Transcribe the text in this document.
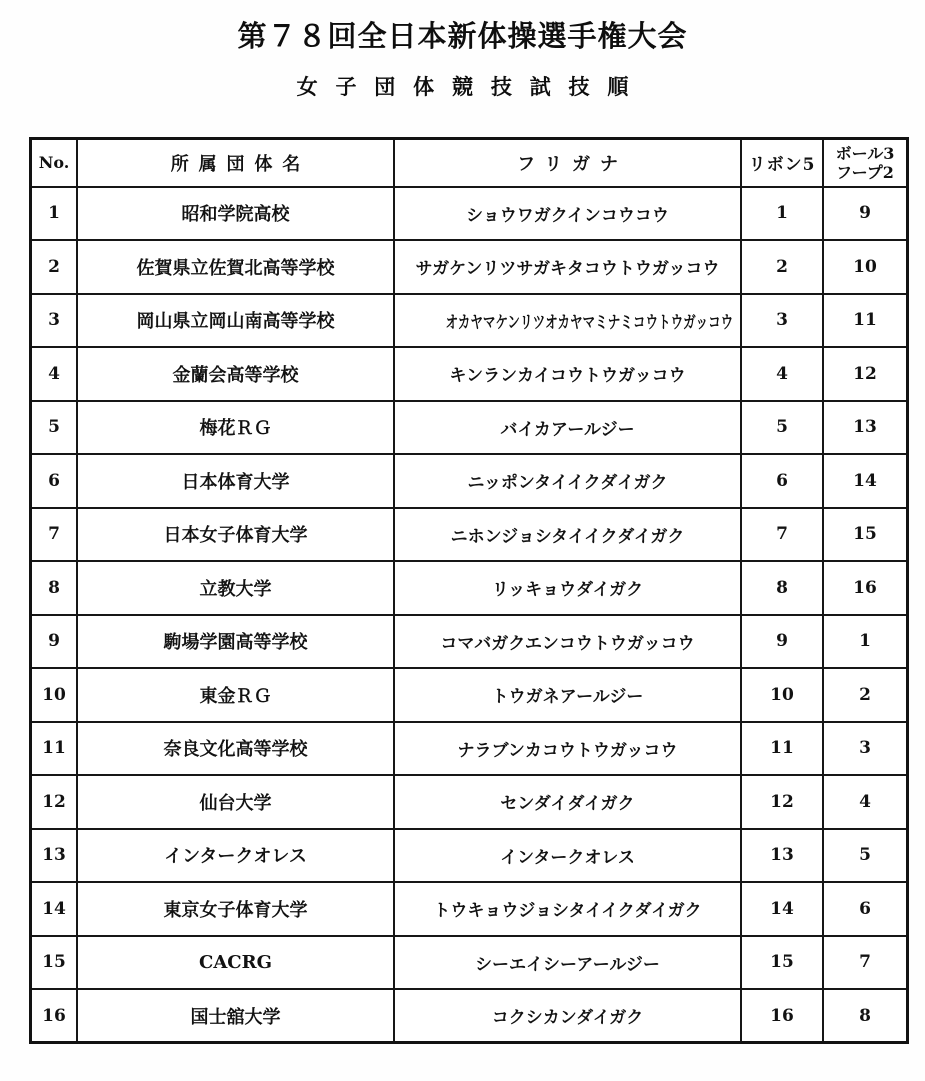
第７８回全日本新体操選手権大会
女子団体競技試技順
No.	所属団体名	フリガナ	リボン5	ボール3
フープ2
1	昭和学院高校	ショウワガクインコウコウ	1	9
2	佐賀県立佐賀北高等学校	サガケンリツサガキタコウトウガッコウ	2	10
3	岡山県立岡山南高等学校	オカヤマケンリツオカヤマミナミコウトウガッコウ	3	11
4	金蘭会高等学校	キンランカイコウトウガッコウ	4	12
5	梅花ＲＧ	バイカアールジー	5	13
6	日本体育大学	ニッポンタイイクダイガク	6	14
7	日本女子体育大学	ニホンジョシタイイクダイガク	7	15
8	立教大学	リッキョウダイガク	8	16
9	駒場学園高等学校	コマバガクエンコウトウガッコウ	9	1
10	東金ＲＧ	トウガネアールジー	10	2
11	奈良文化高等学校	ナラブンカコウトウガッコウ	11	3
12	仙台大学	センダイダイガク	12	4
13	インタークオレス	インタークオレス	13	5
14	東京女子体育大学	トウキョウジョシタイイクダイガク	14	6
15	CACRG	シーエイシーアールジー	15	7
16	国士舘大学	コクシカンダイガク	16	8
